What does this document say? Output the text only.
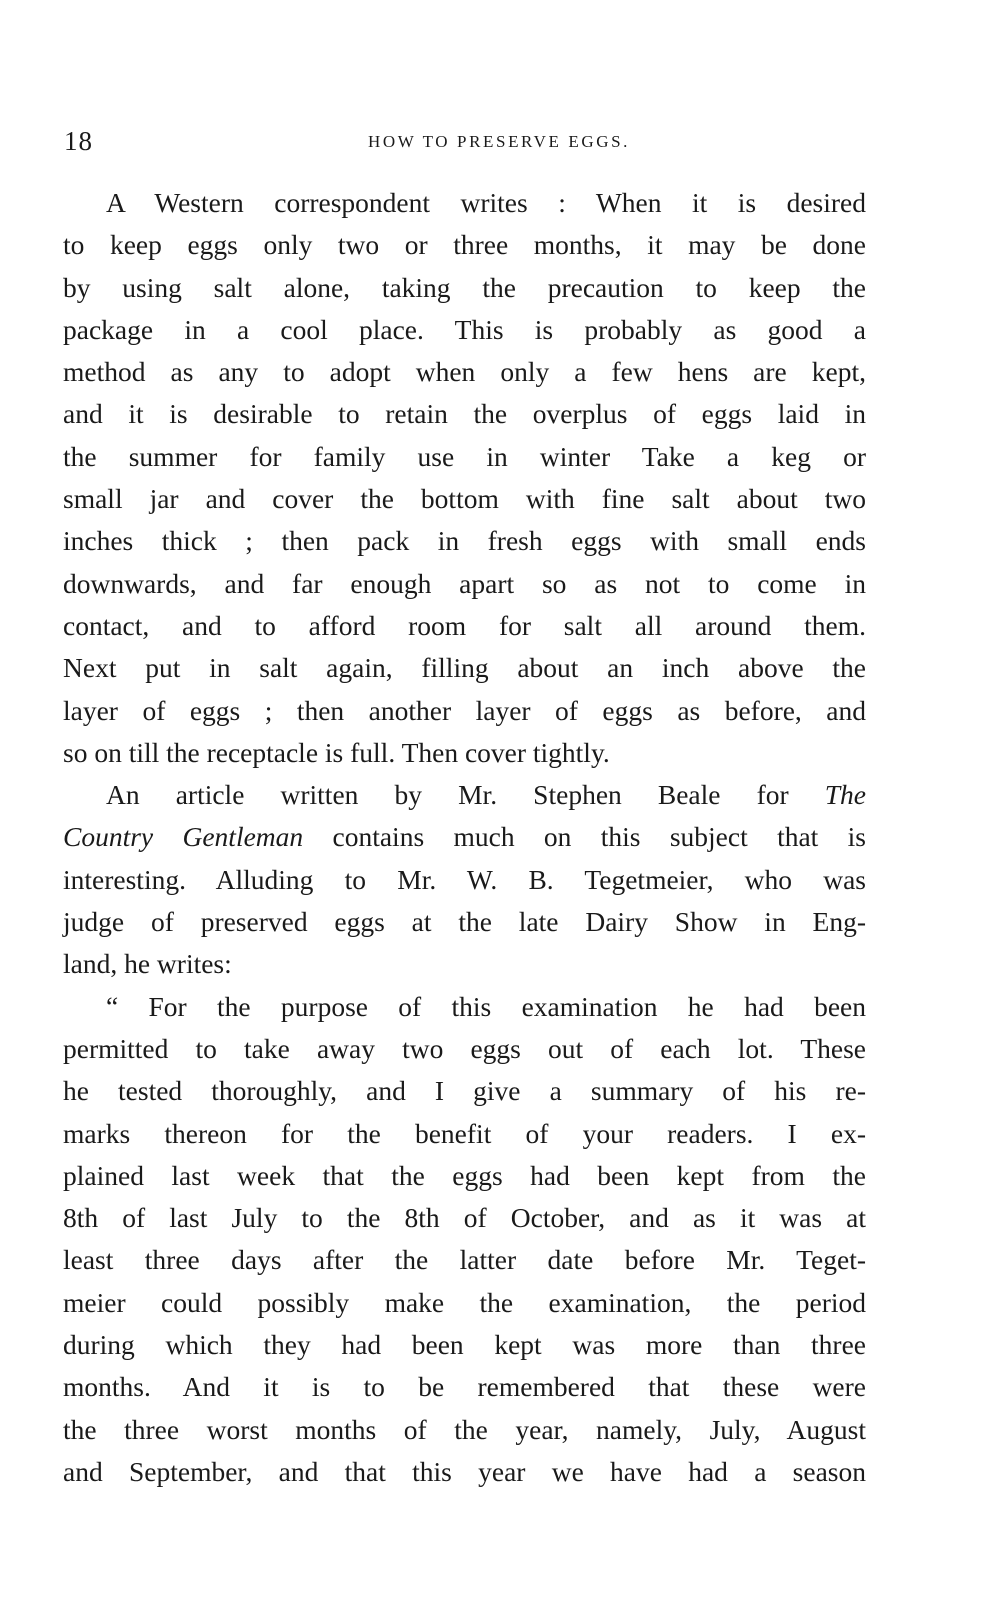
18	HOW TO PRESERVE EGGS.
A Western correspondent writes : When it is desired
to keep eggs only two or three months, it may be done
by using salt alone, taking the precaution to keep the
package in a cool place. This is probably as good a
method as any to adopt when only a few hens are kept,
and it is desirable to retain the overplus of eggs laid in
the summer for family use in winter Take a keg or
small jar and cover the bottom with fine salt about two
inches thick ; then pack in fresh eggs with small ends
downwards, and far enough apart so as not to come in
contact, and to afford room for salt all around them.
Next put in salt again, filling about an inch above the
layer of eggs ; then another layer of eggs as before, and
so on till the receptacle is full. Then cover tightly.
An article written by Mr. Stephen Beale for The
Country Gentleman contains much on this subject that is
interesting. Alluding to Mr. W. B. Tegetmeier, who was
judge of preserved eggs at the late Dairy Show in Eng-
land, he writes:
“ For the purpose of this examination he had been
permitted to take away two eggs out of each lot. These
he tested thoroughly, and I give a summary of his re-
marks thereon for the benefit of your readers. I ex-
plained last week that the eggs had been kept from the
8th of last July to the 8th of October, and as it was at
least three days after the latter date before Mr. Teget-
meier could possibly make the examination, the period
during which they had been kept was more than three
months. And it is to be remembered that these were
the three worst months of the year, namely, July, August
and September, and that this year we have had a season
